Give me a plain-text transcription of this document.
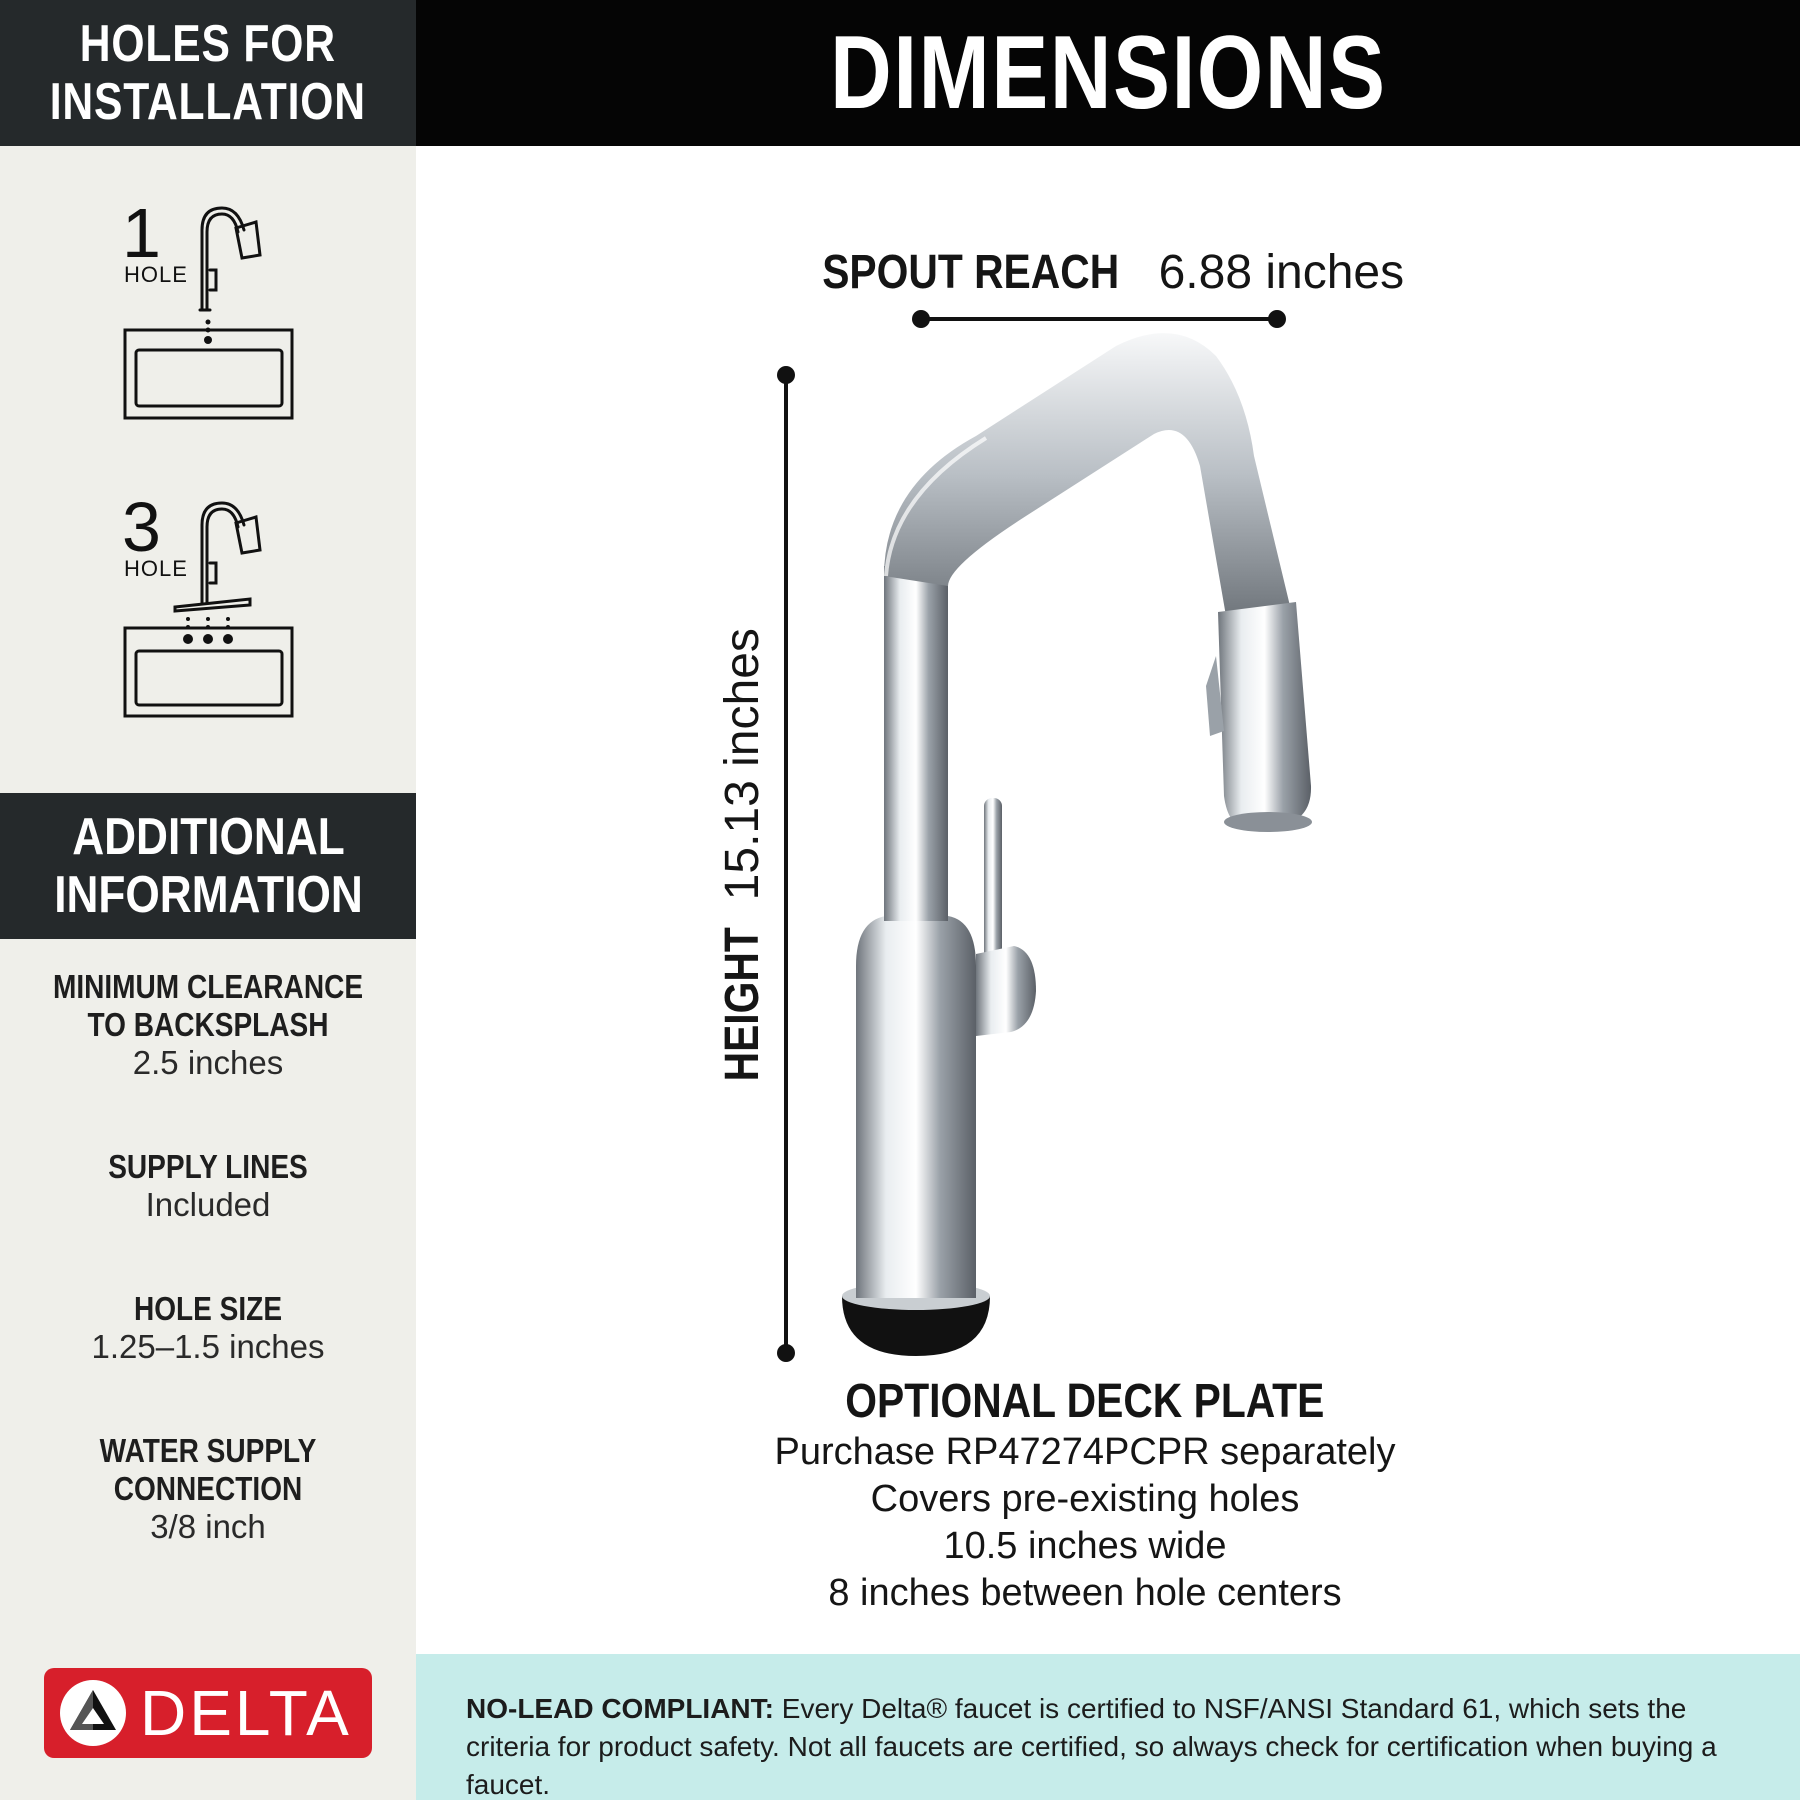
HOLES FOR
INSTALLATION	DIMENSIONS
1
HOLE
3
HOLE
ADDITIONAL
INFORMATION
MINIMUM CLEARANCE
TO BACKSPLASH
2.5 inches
SUPPLY LINES
Included
HOLE SIZE
1.25–1.5 inches
WATER SUPPLY
CONNECTION
3/8 inch
DELTA
SPOUT REACH 6.88 inches
HEIGHT 15.13 inches
OPTIONAL DECK PLATE
Purchase RP47274PCPR separately
Covers pre-existing holes
10.5 inches wide
8 inches between hole centers
NO-LEAD COMPLIANT: Every Delta® faucet is certified to NSF/ANSI Standard 61, which sets the criteria for product safety. Not all faucets are certified, so always check for certification when buying a faucet.
